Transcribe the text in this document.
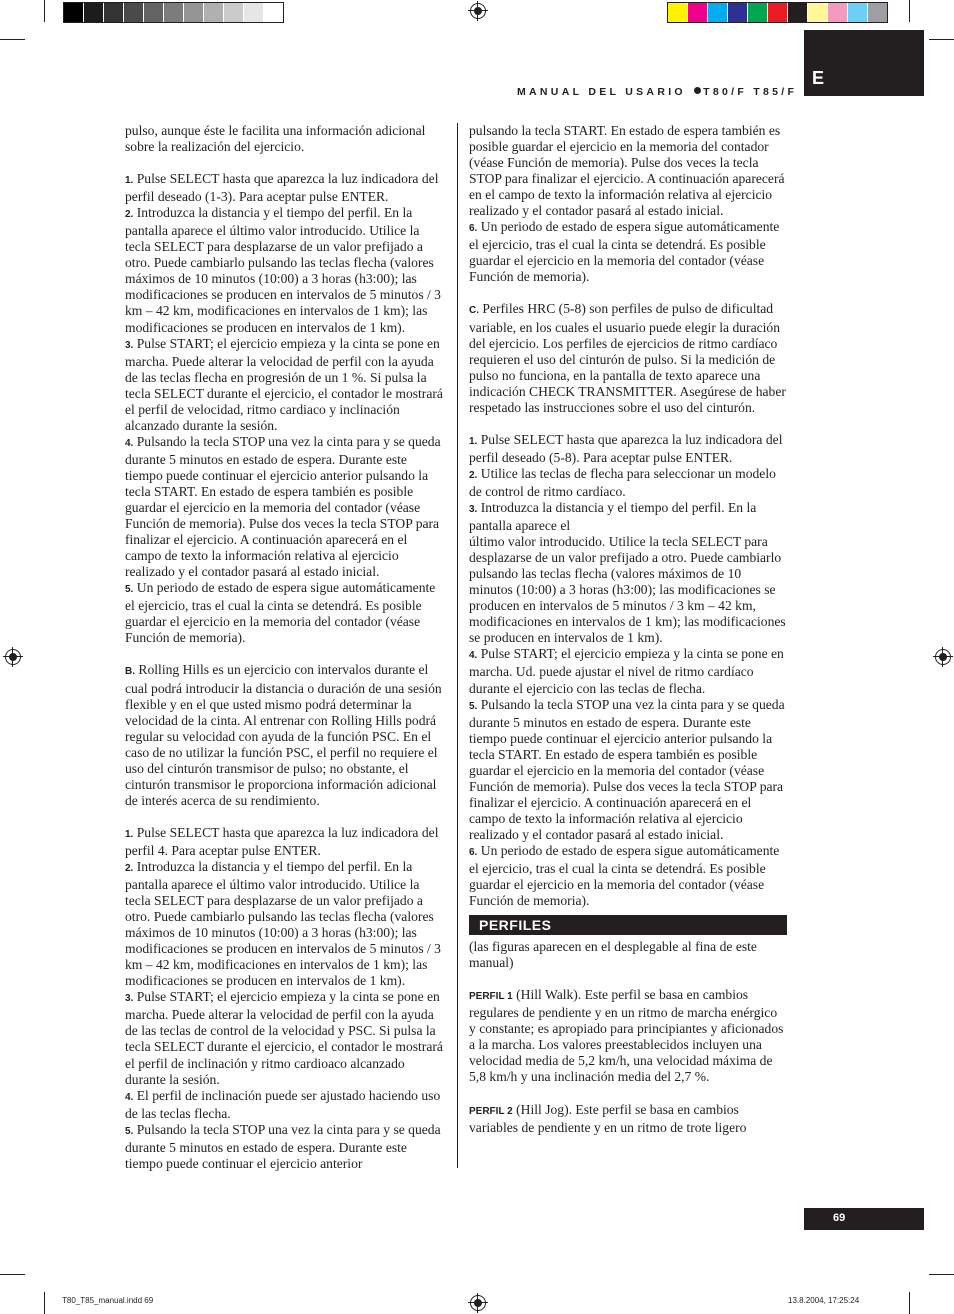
E
MANUAL DEL USARIO T80/F T85/F

pulso, aunque éste le facilita una información adicional sobre la realización del ejercicio.

1. Pulse SELECT hasta que aparezca la luz indicadora del perfil deseado (1-3). Para aceptar pulse ENTER.

2. Introduzca la distancia y el tiempo del perfil. En la pantalla aparece el último valor introducido. Utilice la tecla SELECT para desplazarse de un valor prefijado a otro. Puede cambiarlo pulsando las teclas flecha (valores máximos de 10 minutos (10:00) a 3 horas (h3:00); las modificaciones se producen en intervalos de 5 minutos / 3 km – 42 km, modificaciones en intervalos de 1 km); las modificaciones se producen en intervalos de 1 km).

3. Pulse START; el ejercicio empieza y la cinta se pone en marcha. Puede alterar la velocidad de perfil con la ayuda de las teclas flecha en progresión de un 1 %. Si pulsa la tecla SELECT durante el ejercicio, el contador le mostrará el perfil de velocidad, ritmo cardiaco y inclinación alcanzado durante la sesión.

4. Pulsando la tecla STOP una vez la cinta para y se queda durante 5 minutos en estado de espera. Durante este tiempo puede continuar el ejercicio anterior pulsando la tecla START. En estado de espera también es posible guardar el ejercicio en la memoria del contador (véase Función de memoria). Pulse dos veces la tecla STOP para finalizar el ejercicio. A continuación aparecerá en el campo de texto la información relativa al ejercicio realizado y el contador pasará al estado inicial.

5. Un periodo de estado de espera sigue automáticamente el ejercicio, tras el cual la cinta se detendrá. Es posible guardar el ejercicio en la memoria del contador (véase Función de memoria).

B. Rolling Hills es un ejercicio con intervalos durante el cual podrá introducir la distancia o duración de una sesión flexible y en el que usted mismo podrá determinar la velocidad de la cinta. Al entrenar con Rolling Hills podrá regular su velocidad con ayuda de la función PSC. En el caso de no utilizar la función PSC, el perfil no requiere el uso del cinturón transmisor de pulso; no obstante, el cinturón transmisor le proporciona información adicional de interés acerca de su rendimiento.

1. Pulse SELECT hasta que aparezca la luz indicadora del perfil 4. Para aceptar pulse ENTER.

2. Introduzca la distancia y el tiempo del perfil. En la pantalla aparece el último valor introducido. Utilice la tecla SELECT para desplazarse de un valor prefijado a otro. Puede cambiarlo pulsando las teclas flecha (valores máximos de 10 minutos (10:00) a 3 horas (h3:00); las modificaciones se producen en intervalos de 5 minutos / 3 km – 42 km, modificaciones en intervalos de 1 km); las modificaciones se producen en intervalos de 1 km).

3. Pulse START; el ejercicio empieza y la cinta se pone en marcha. Puede alterar la velocidad de perfil con la ayuda de las teclas de control de la velocidad y PSC. Si pulsa la tecla SELECT durante el ejercicio, el contador le mostrará el perfil de inclinación y ritmo cardioaco alcanzado durante la sesión.

4. El perfil de inclinación puede ser ajustado haciendo uso de las teclas flecha.

5. Pulsando la tecla STOP una vez la cinta para y se queda durante 5 minutos en estado de espera. Durante este tiempo puede continuar el ejercicio anterior

pulsando la tecla START. En estado de espera también es posible guardar el ejercicio en la memoria del contador (véase Función de memoria). Pulse dos veces la tecla STOP para finalizar el ejercicio. A continuación aparecerá en el campo de texto la información relativa al ejercicio realizado y el contador pasará al estado inicial.

6. Un periodo de estado de espera sigue automáticamente el ejercicio, tras el cual la cinta se detendrá. Es posible guardar el ejercicio en la memoria del contador (véase Función de memoria).

C. Perfiles HRC (5-8) son perfiles de pulso de dificultad variable, en los cuales el usuario puede elegir la duración del ejercicio. Los perfiles de ejercicios de ritmo cardíaco requieren el uso del cinturón de pulso. Si la medición de pulso no funciona, en la pantalla de texto aparece una indicación CHECK TRANSMITTER. Asegúrese de haber respetado las instrucciones sobre el uso del cinturón.

1. Pulse SELECT hasta que aparezca la luz indicadora del perfil deseado (5-8). Para aceptar pulse ENTER.

2. Utilice las teclas de flecha para seleccionar un modelo de control de ritmo cardíaco.

3. Introduzca la distancia y el tiempo del perfil. En la pantalla aparece el

último valor introducido. Utilice la tecla SELECT para desplazarse de un valor prefijado a otro. Puede cambiarlo pulsando las teclas flecha (valores máximos de 10 minutos (10:00) a 3 horas (h3:00); las modificaciones se producen en intervalos de 5 minutos / 3 km – 42 km, modificaciones en intervalos de 1 km); las modificaciones se producen en intervalos de 1 km).

4. Pulse START; el ejercicio empieza y la cinta se pone en marcha. Ud. puede ajustar el nivel de ritmo cardíaco durante el ejercicio con las teclas de flecha.

5. Pulsando la tecla STOP una vez la cinta para y se queda durante 5 minutos en estado de espera. Durante este tiempo puede continuar el ejercicio anterior pulsando la tecla START. En estado de espera también es posible guardar el ejercicio en la memoria del contador (véase Función de memoria). Pulse dos veces la tecla STOP para finalizar el ejercicio. A continuación aparecerá en el campo de texto la información relativa al ejercicio realizado y el contador pasará al estado inicial.

6. Un periodo de estado de espera sigue automáticamente el ejercicio, tras el cual la cinta se detendrá. Es posible guardar el ejercicio en la memoria del contador (véase Función de memoria).

PERFILES

(las figuras aparecen en el desplegable al fina de este manual)

PERFIL 1 (Hill Walk). Este perfil se basa en cambios regulares de pendiente y en un ritmo de marcha enérgico y constante; es apropiado para principiantes y aficionados a la marcha. Los valores preestablecidos incluyen una velocidad media de 5,2 km/h, una velocidad máxima de 5,8 km/h y una inclinación media del 2,7 %.

PERFIL 2 (Hill Jog). Este perfil se basa en cambios variables de pendiente y en un ritmo de trote ligero

69
T80_T85_manual.indd 69	13.8.2004, 17:25:24
